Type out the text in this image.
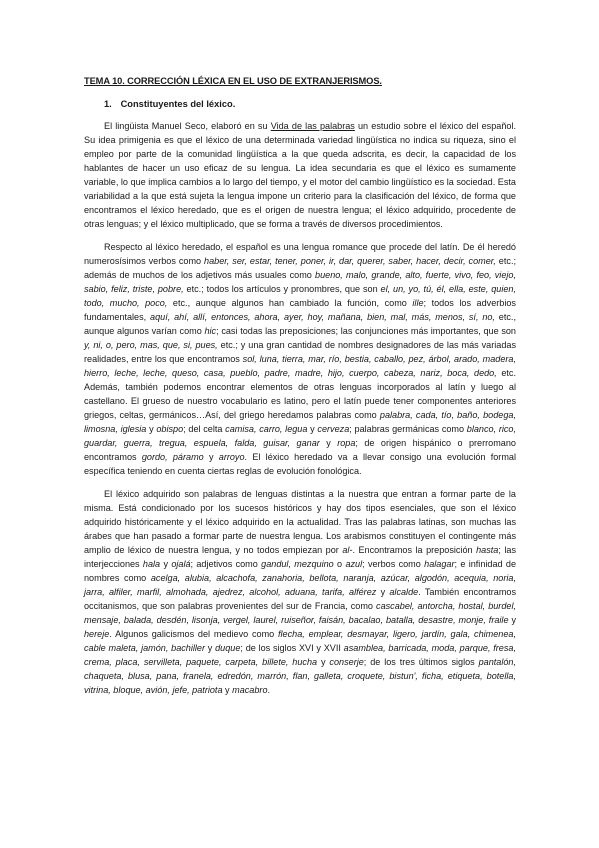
TEMA 10. CORRECCIÓN LÉXICA EN EL USO DE EXTRANJERISMOS.
1. Constituyentes del léxico.

El lingüista Manuel Seco, elaboró en su Vida de las palabras un estudio sobre el léxico del español. Su idea primigenia es que el léxico de una determinada variedad lingüística no indica su riqueza, sino el empleo por parte de la comunidad lingüística a la que queda adscrita, es decir, la capacidad de los hablantes de hacer un uso eficaz de su lengua. La idea secundaria es que el léxico es sumamente variable, lo que implica cambios a lo largo del tiempo, y el motor del cambio lingüístico es la sociedad. Esta variabilidad a la que está sujeta la lengua impone un criterio para la clasificación del léxico, de forma que encontramos el léxico heredado, que es el origen de nuestra lengua; el léxico adquirido, procedente de otras lenguas; y el léxico multiplicado, que se forma a través de diversos procedimientos.

Respecto al léxico heredado, el español es una lengua romance que procede del latín. De él heredó numerosísimos verbos como haber, ser, estar, tener, poner, ir, dar, querer, saber, hacer, decir, comer, etc.; además de muchos de los adjetivos más usuales como bueno, malo, grande, alto, fuerte, vivo, feo, viejo, sabio, feliz, triste, pobre, etc.; todos los artículos y pronombres, que son el, un, yo, tú, él, ella, este, quien, todo, mucho, poco, etc., aunque algunos han cambiado la función, como ille; todos los adverbios fundamentales, aquí, ahí, allí, entonces, ahora, ayer, hoy, mañana, bien, mal, más, menos, sí, no, etc., aunque algunos varían como hic; casi todas las preposiciones; las conjunciones más importantes, que son y, ni, o, pero, mas, que, si, pues, etc.; y una gran cantidad de nombres designadores de las más variadas realidades, entre los que encontramos sol, luna, tierra, mar, río, bestia, caballo, pez, árbol, arado, madera, hierro, leche, leche, queso, casa, pueblo, padre, madre, hijo, cuerpo, cabeza, nariz, boca, dedo, etc. Además, también podemos encontrar elementos de otras lenguas incorporados al latín y luego al castellano. El grueso de nuestro vocabulario es latino, pero el latín puede tener componentes anteriores griegos, celtas, germánicos…Así, del griego heredamos palabras como palabra, cada, tío, baño, bodega, limosna, iglesia y obispo; del celta camisa, carro, legua y cerveza; palabras germánicas como blanco, rico, guardar, guerra, tregua, espuela, falda, guisar, ganar y ropa; de origen hispánico o prerromano encontramos gordo, páramo y arroyo. El léxico heredado va a llevar consigo una evolución formal específica teniendo en cuenta ciertas reglas de evolución fonológica.

El léxico adquirido son palabras de lenguas distintas a la nuestra que entran a formar parte de la misma. Está condicionado por los sucesos históricos y hay dos tipos esenciales, que son el léxico adquirido históricamente y el léxico adquirido en la actualidad. Tras las palabras latinas, son muchas las árabes que han pasado a formar parte de nuestra lengua. Los arabismos constituyen el contingente más amplio de léxico de nuestra lengua, y no todos empiezan por al-. Encontramos la preposición hasta; las interjecciones hala y ojalá; adjetivos como gandul, mezquino o azul; verbos como halagar; e infinidad de nombres como acelga, alubia, alcachofa, zanahoria, bellota, naranja, azúcar, algodón, acequia, noria, jarra, alfiler, marfil, almohada, ajedrez, alcohol, aduana, tarifa, alférez y alcalde. También encontramos occitanismos, que son palabras provenientes del sur de Francia, como cascabel, antorcha, hostal, burdel, mensaje, balada, desdén, lisonja, vergel, laurel, ruiseñor, faisán, bacalao, batalla, desastre, monje, fraile y hereje. Algunos galicismos del medievo como flecha, emplear, desmayar, ligero, jardín, gala, chimenea, cable maleta, jamón, bachiller y duque; de los siglos XVI y XVII asamblea, barricada, moda, parque, fresa, crema, placa, servilleta, paquete, carpeta, billete, hucha y conserje; de los tres últimos siglos pantalón, chaqueta, blusa, pana, franela, edredón, marrón, flan, galleta, croquete, bistun', ficha, etiqueta, botella, vitrina, bloque, avión, jefe, patriota y macabro.
